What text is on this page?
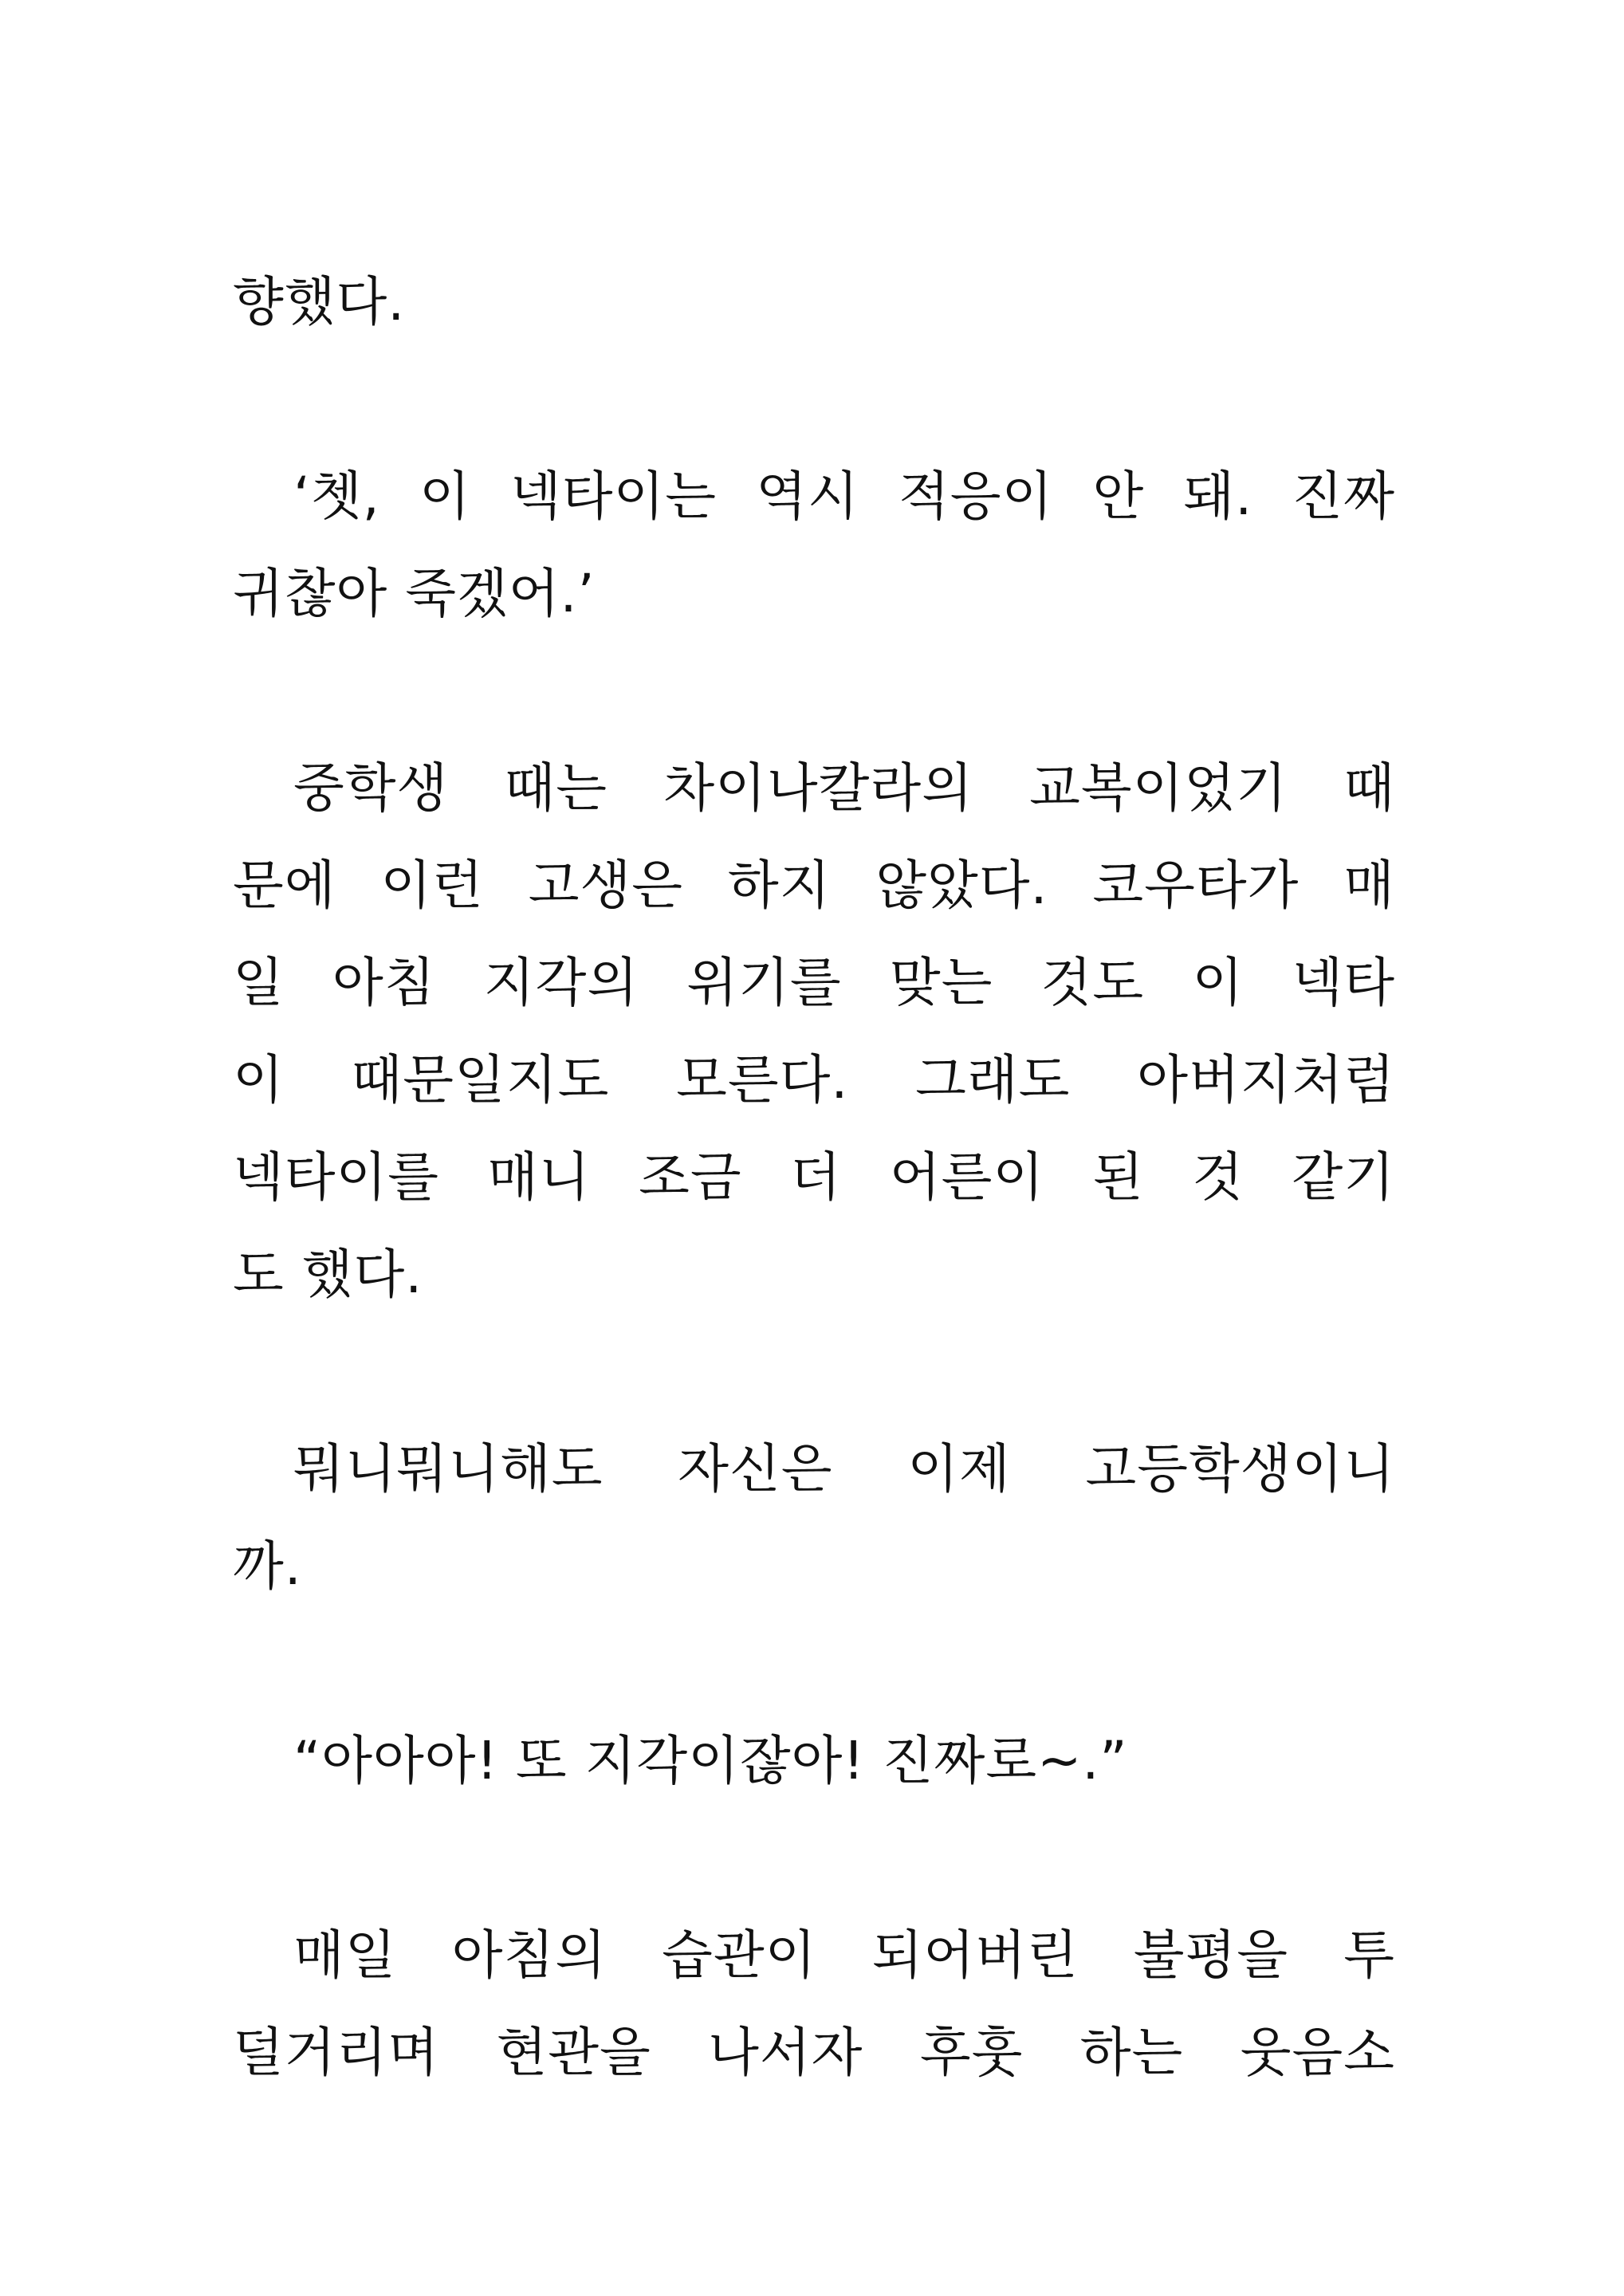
향했다.
‘쳇, 이 넥타이는 역시 적응이 안 돼. 진짜
귀찮아 죽겠어.’
중학생 때는 차이나칼라의 교복이었기 때
문에 이런 고생은 하지 않았다. 코우타가 매
일 아침 지각의 위기를 맞는 것도 이 넥타
이 때문일지도 모른다. 그래도 아버지처럼
넥타이를 매니 조금 더 어른이 된 것 같기
도 했다.
뭐니뭐니해도 자신은 이제 고등학생이니
까.
“아아아! 또 지각이잖아! 진짜로~.”
매일 아침의 습관이 되어버린 불평을 투
덜거리며 현관을 나서자 후훗 하는 웃음소
